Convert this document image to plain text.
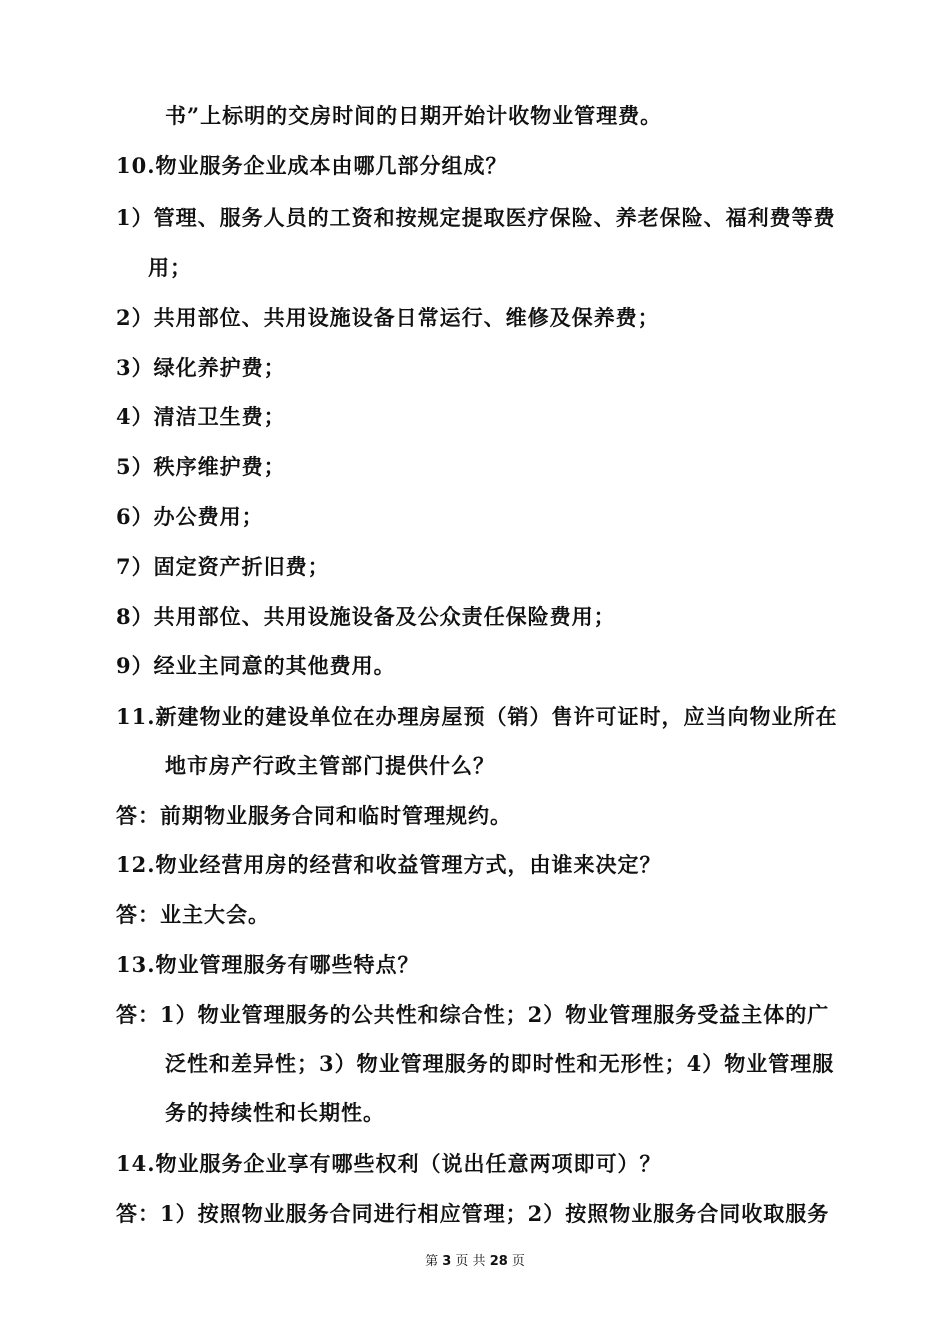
书”上标明的交房时间的日期开始计收物业管理费。
10.物业服务企业成本由哪几部分组成？
1）管理、服务人员的工资和按规定提取医疗保险、养老保险、福利费等费
用；
2）共用部位、共用设施设备日常运行、维修及保养费；
3）绿化养护费；
4）清洁卫生费；
5）秩序维护费；
6）办公费用；
7）固定资产折旧费；
8）共用部位、共用设施设备及公众责任保险费用；
9）经业主同意的其他费用。
11.新建物业的建设单位在办理房屋预（销）售许可证时，应当向物业所在
地市房产行政主管部门提供什么？
答：前期物业服务合同和临时管理规约。
12.物业经营用房的经营和收益管理方式，由谁来决定？
答：业主大会。
13.物业管理服务有哪些特点？
答：1）物业管理服务的公共性和综合性；2）物业管理服务受益主体的广
泛性和差异性；3）物业管理服务的即时性和无形性；4）物业管理服
务的持续性和长期性。
14.物业服务企业享有哪些权利（说出任意两项即可）？
答：1）按照物业服务合同进行相应管理；2）按照物业服务合同收取服务
第 3 页 共 28 页
